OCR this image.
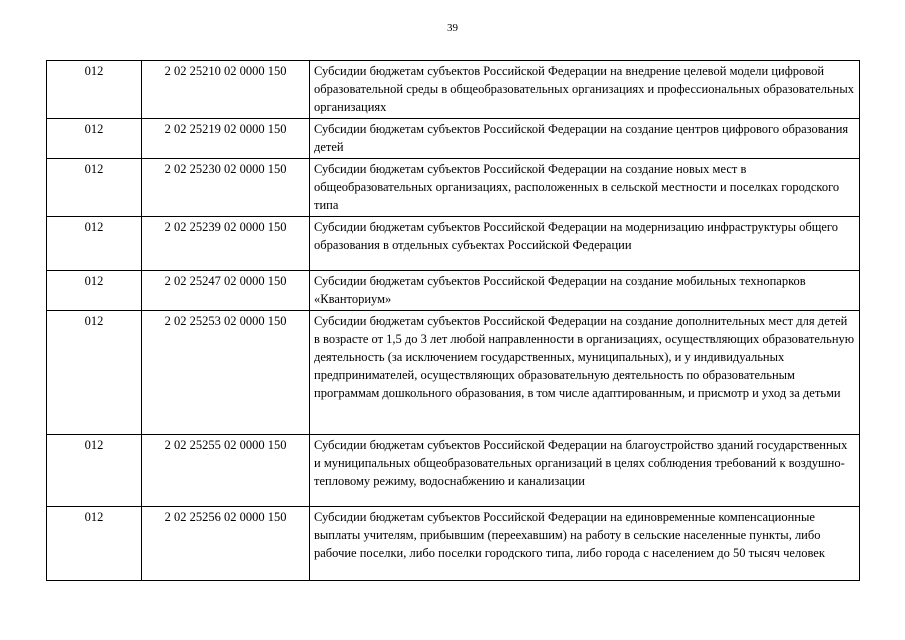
39
012	2 02 25210 02 0000 150	Субсидии бюджетам субъектов Российской Федерации на внедрение целевой модели цифровой образовательной среды в общеобразовательных организациях и профессиональных образовательных организациях
012	2 02 25219 02 0000 150	Субсидии бюджетам субъектов Российской Федерации на создание центров цифрового образования детей
012	2 02 25230 02 0000 150	Субсидии бюджетам субъектов Российской Федерации на создание новых мест в общеобразовательных организациях, расположенных в сельской местности и поселках городского типа
012	2 02 25239 02 0000 150	Субсидии бюджетам субъектов Российской Федерации на модернизацию инфраструктуры общего образования в отдельных субъектах Российской Федерации
012	2 02 25247 02 0000 150	Субсидии бюджетам субъектов Российской Федерации на создание мобильных технопарков «Кванториум»
012	2 02 25253 02 0000 150	Субсидии бюджетам субъектов Российской Федерации на создание дополнительных мест для детей в возрасте от 1,5 до 3 лет любой направленности в организациях, осуществляющих образовательную деятельность (за исключением государственных, муниципальных), и у индивидуальных предпринимателей, осуществляющих образовательную деятельность по образовательным программам дошкольного образования, в том числе адаптированным, и присмотр и уход за детьми
012	2 02 25255 02 0000 150	Субсидии бюджетам субъектов Российской Федерации на благоустройство зданий государственных и муниципальных общеобразовательных организаций в целях соблюдения требований к воздушно-тепловому режиму, водоснабжению и канализации
012	2 02 25256 02 0000 150	Субсидии бюджетам субъектов Российской Федерации на единовременные компенсационные выплаты учителям, прибывшим (переехавшим) на работу в сельские населенные пункты, либо рабочие поселки, либо поселки городского типа, либо города с населением до 50 тысяч человек
